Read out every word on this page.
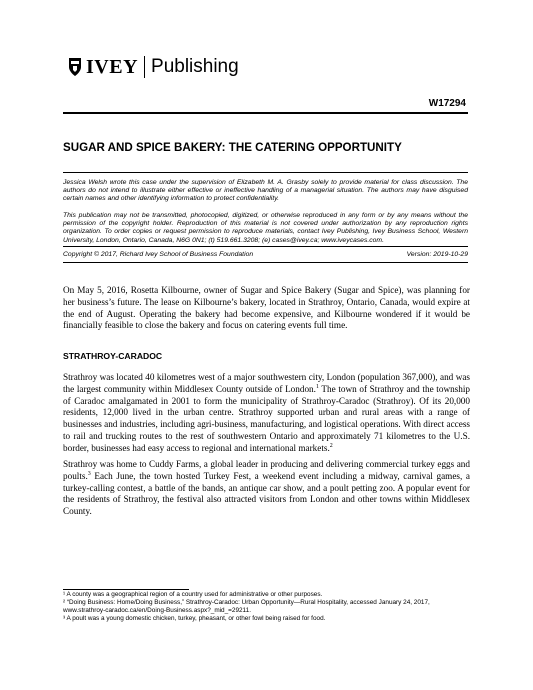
IVEY Publishing
W17294
SUGAR AND SPICE BAKERY: THE CATERING OPPORTUNITY
Jessica Welsh wrote this case under the supervision of Elizabeth M. A. Grasby solely to provide material for class discussion. The authors do not intend to illustrate either effective or ineffective handling of a managerial situation. The authors may have disguised certain names and other identifying information to protect confidentiality.
This publication may not be transmitted, photocopied, digitized, or otherwise reproduced in any form or by any means without the permission of the copyright holder. Reproduction of this material is not covered under authorization by any reproduction rights organization. To order copies or request permission to reproduce materials, contact Ivey Publishing, Ivey Business School, Western University, London, Ontario, Canada, N6G 0N1; (t) 519.661.3208; (e) cases@ivey.ca; www.iveycases.com.
Copyright © 2017, Richard Ivey School of Business Foundation	Version: 2019-10-29
On May 5, 2016, Rosetta Kilbourne, owner of Sugar and Spice Bakery (Sugar and Spice), was planning for her business’s future. The lease on Kilbourne’s bakery, located in Strathroy, Ontario, Canada, would expire at the end of August. Operating the bakery had become expensive, and Kilbourne wondered if it would be financially feasible to close the bakery and focus on catering events full time.
STRATHROY-CARADOC
Strathroy was located 40 kilometres west of a major southwestern city, London (population 367,000), and was the largest community within Middlesex County outside of London.$^1$ The town of Strathroy and the township of Caradoc amalgamated in 2001 to form the municipality of Strathroy-Caradoc (Strathroy). Of its 20,000 residents, 12,000 lived in the urban centre. Strathroy supported urban and rural areas with a range of businesses and industries, including agri-business, manufacturing, and logistical operations. With direct access to rail and trucking routes to the rest of southwestern Ontario and approximately 71 kilometres to the U.S. border, businesses had easy access to regional and international markets.$^2$
Strathroy was home to Cuddy Farms, a global leader in producing and delivering commercial turkey eggs and poults.$^3$ Each June, the town hosted Turkey Fest, a weekend event including a midway, carnival games, a turkey-calling contest, a battle of the bands, an antique car show, and a poult petting zoo. A popular event for the residents of Strathroy, the festival also attracted visitors from London and other towns within Middlesex County.
¹ A county was a geographical region of a country used for administrative or other purposes.
² “Doing Business: Home/Doing Business,” Strathroy-Caradoc: Urban Opportunity—Rural Hospitality, accessed January 24, 2017, www.strathroy-caradoc.ca/en/Doing-Business.aspx?_mid_=29211.
³ A poult was a young domestic chicken, turkey, pheasant, or other fowl being raised for food.
